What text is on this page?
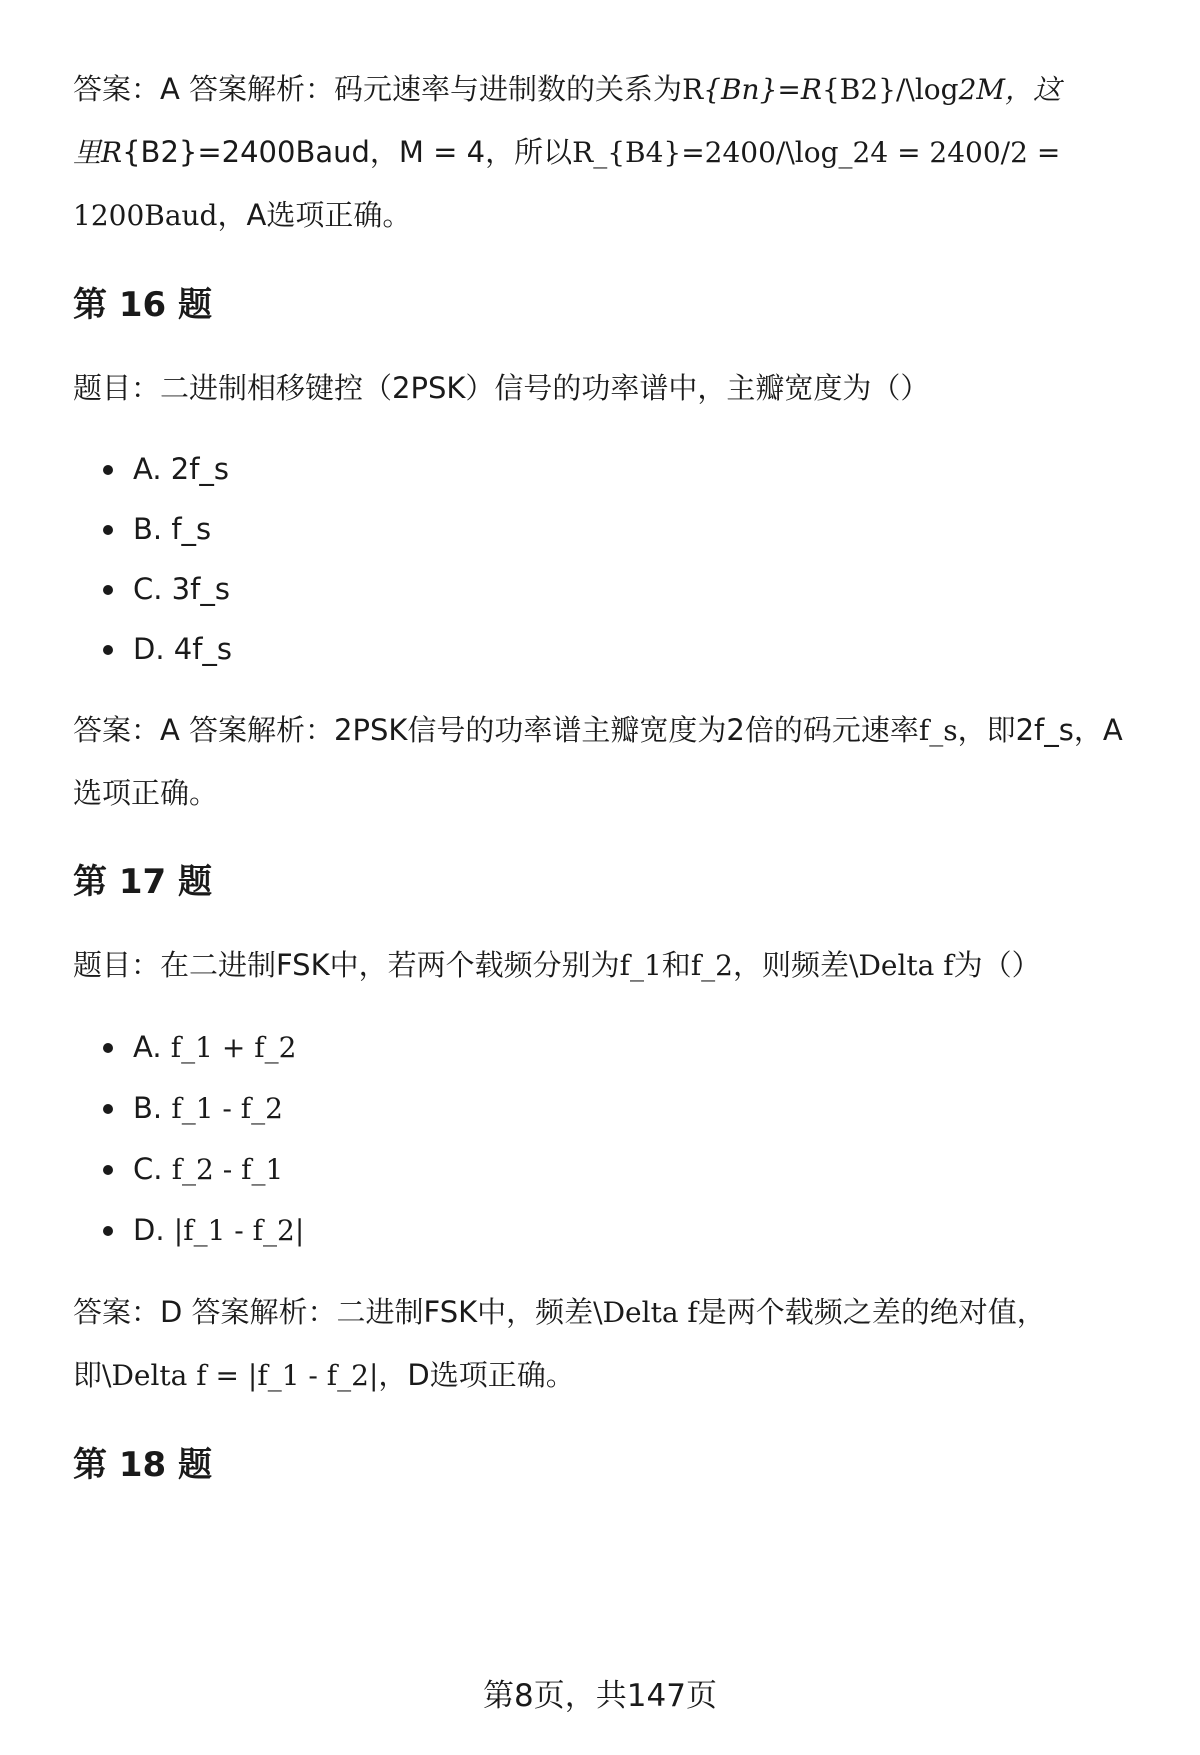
答案：A 答案解析：码元速率与进制数的关系为R{Bn}=R{B2}/\log2M，这
里R{B2}=2400Baud，M = 4，所以R_{B4}=2400/\log_24 = 2400/2 =
1200Baud，A选项正确。

第 16 题

题目：二进制相移键控（2PSK）信号的功率谱中，主瓣宽度为（）

A. 2f_s
B. f_s
C. 3f_s
D. 4f_s

答案：A 答案解析：2PSK信号的功率谱主瓣宽度为2倍的码元速率f_s，即2f_s，A
选项正确。

第 17 题

题目：在二进制FSK中，若两个载频分别为f_1和f_2，则频差\Delta f为（）

A. f_1 + f_2
B. f_1 - f_2
C. f_2 - f_1
D. |f_1 - f_2|

答案：D 答案解析：二进制FSK中，频差\Delta f是两个载频之差的绝对值，
即\Delta f = |f_1 - f_2|，D选项正确。

第 18 题
第8页，共147页
